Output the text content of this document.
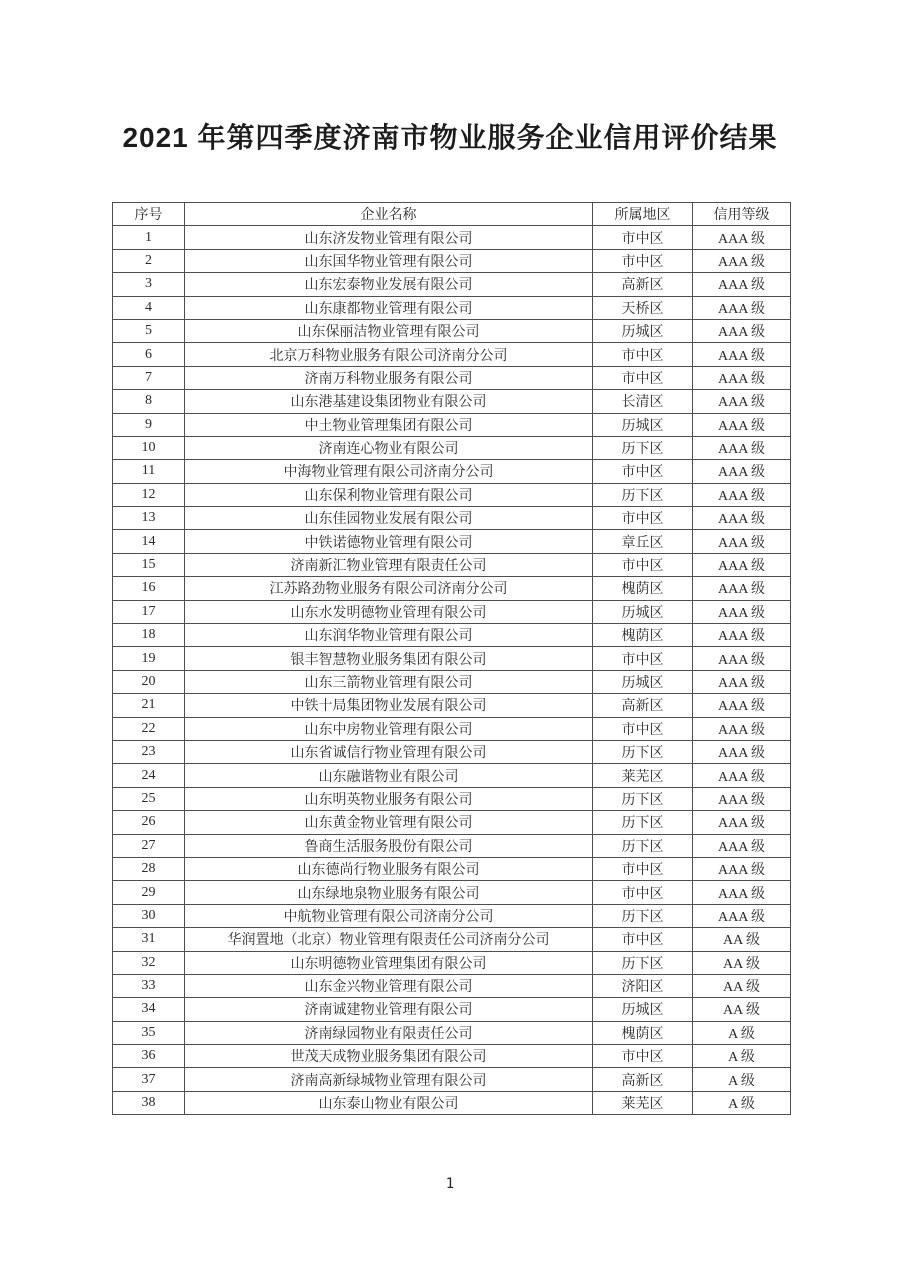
2021 年第四季度济南市物业服务企业信用评价结果
序号	企业名称	所属地区	信用等级
1	山东济发物业管理有限公司	市中区	AAA 级
2	山东国华物业管理有限公司	市中区	AAA 级
3	山东宏泰物业发展有限公司	高新区	AAA 级
4	山东康都物业管理有限公司	天桥区	AAA 级
5	山东保丽洁物业管理有限公司	历城区	AAA 级
6	北京万科物业服务有限公司济南分公司	市中区	AAA 级
7	济南万科物业服务有限公司	市中区	AAA 级
8	山东港基建设集团物业有限公司	长清区	AAA 级
9	中土物业管理集团有限公司	历城区	AAA 级
10	济南连心物业有限公司	历下区	AAA 级
11	中海物业管理有限公司济南分公司	市中区	AAA 级
12	山东保利物业管理有限公司	历下区	AAA 级
13	山东佳园物业发展有限公司	市中区	AAA 级
14	中铁诺德物业管理有限公司	章丘区	AAA 级
15	济南新汇物业管理有限责任公司	市中区	AAA 级
16	江苏路劲物业服务有限公司济南分公司	槐荫区	AAA 级
17	山东水发明德物业管理有限公司	历城区	AAA 级
18	山东润华物业管理有限公司	槐荫区	AAA 级
19	银丰智慧物业服务集团有限公司	市中区	AAA 级
20	山东三箭物业管理有限公司	历城区	AAA 级
21	中铁十局集团物业发展有限公司	高新区	AAA 级
22	山东中房物业管理有限公司	市中区	AAA 级
23	山东省诚信行物业管理有限公司	历下区	AAA 级
24	山东融谐物业有限公司	莱芜区	AAA 级
25	山东明英物业服务有限公司	历下区	AAA 级
26	山东黄金物业管理有限公司	历下区	AAA 级
27	鲁商生活服务股份有限公司	历下区	AAA 级
28	山东德尚行物业服务有限公司	市中区	AAA 级
29	山东绿地泉物业服务有限公司	市中区	AAA 级
30	中航物业管理有限公司济南分公司	历下区	AAA 级
31	华润置地（北京）物业管理有限责任公司济南分公司	市中区	AA 级
32	山东明德物业管理集团有限公司	历下区	AA 级
33	山东金兴物业管理有限公司	济阳区	AA 级
34	济南诚建物业管理有限公司	历城区	AA 级
35	济南绿园物业有限责任公司	槐荫区	A 级
36	世茂天成物业服务集团有限公司	市中区	A 级
37	济南高新绿城物业管理有限公司	高新区	A 级
38	山东泰山物业有限公司	莱芜区	A 级
1
